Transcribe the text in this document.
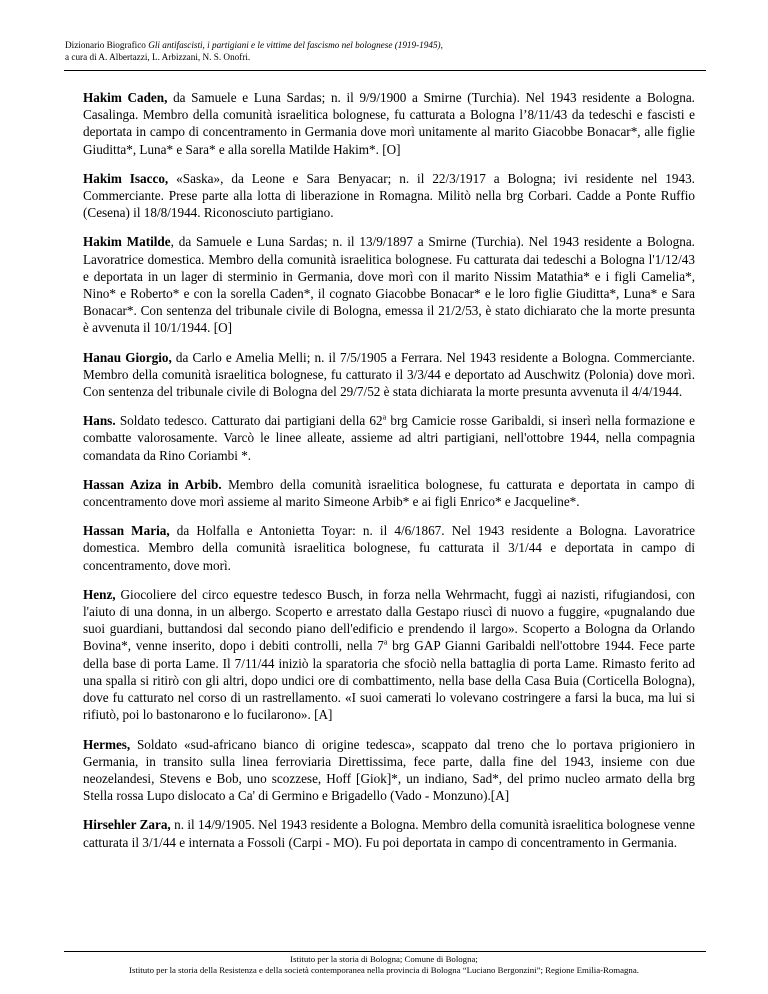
Dizionario Biografico Gli antifascisti, i partigiani e le vittime del fascismo nel bolognese (1919-1945),
a cura di A. Albertazzi, L. Arbizzani, N. S. Onofri.

Hakim Caden, da Samuele e Luna Sardas; n. il 9/9/1900 a Smirne (Turchia). Nel 1943 residente a Bologna. Casalinga. Membro della comunità israelitica bolognese, fu catturata a Bologna l’8/11/43 da tedeschi e fascisti e deportata in campo di concentramento in Germania dove morì unitamente al marito Giacobbe Bonacar*, alle figlie Giuditta*, Luna* e Sara* e alla sorella Matilde Hakim*. [O]

Hakim Isacco, «Saska», da Leone e Sara Benyacar; n. il 22/3/1917 a Bologna; ivi residente nel 1943. Commerciante. Prese parte alla lotta di liberazione in Romagna. Militò nella brg Corbari. Cadde a Ponte Ruffio (Cesena) il 18/8/1944. Riconosciuto partigiano.

Hakim Matilde, da Samuele e Luna Sardas; n. il 13/9/1897 a Smirne (Turchia). Nel 1943 residente a Bologna. Lavoratrice domestica. Membro della comunità israelitica bolognese. Fu catturata dai tedeschi a Bologna l'1/12/43 e deportata in un lager di sterminio in Germania, dove morì con il marito Nissim Matathia* e i figli Camelia*, Nino* e Roberto* e con la sorella Caden*, il cognato Giacobbe Bonacar* e le loro figlie Giuditta*, Luna* e Sara Bonacar*. Con sentenza del tribunale civile di Bologna, emessa il 21/2/53, è stato dichiarato che la morte presunta è avvenuta il 10/1/1944. [O]

Hanau Giorgio, da Carlo e Amelia Melli; n. il 7/5/1905 a Ferrara. Nel 1943 residente a Bologna. Commerciante. Membro della comunità israelitica bolognese, fu catturato il 3/3/44 e deportato ad Auschwitz (Polonia) dove morì. Con sentenza del tribunale civile di Bologna del 29/7/52 è stata dichiarata la morte presunta avvenuta il 4/4/1944.

Hans. Soldato tedesco. Catturato dai partigiani della 62$^a$ brg Camicie rosse Garibaldi, si inserì nella formazione e combatte valorosamente. Varcò le linee alleate, assieme ad altri partigiani, nell'ottobre 1944, nella compagnia comandata da Rino Coriambi *.

Hassan Aziza in Arbib. Membro della comunità israelitica bolognese, fu catturata e deportata in campo di concentramento dove morì assieme al marito Simeone Arbib* e ai figli Enrico* e Jacqueline*.

Hassan Maria, da Holfalla e Antonietta Toyar: n. il 4/6/1867. Nel 1943 residente a Bologna. Lavoratrice domestica. Membro della comunità israelitica bolognese, fu catturata il 3/1/44 e deportata in campo di concentramento, dove morì.

Henz, Giocoliere del circo equestre tedesco Busch, in forza nella Wehrmacht, fuggì ai nazisti, rifugiandosi, con l'aiuto di una donna, in un albergo. Scoperto e arrestato dalla Gestapo riuscì di nuovo a fuggire, «pugnalando due suoi guardiani, buttandosi dal secondo piano dell'edificio e prendendo il largo». Scoperto a Bologna da Orlando Bovina*, venne inserito, dopo i debiti controlli, nella 7$^a$ brg GAP Gianni Garibaldi nell'ottobre 1944. Fece parte della base di porta Lame. Il 7/11/44 iniziò la sparatoria che sfociò nella battaglia di porta Lame. Rimasto ferito ad una spalla si ritirò con gli altri, dopo undici ore di combattimento, nella base della Casa Buia (Corticella Bologna), dove fu catturato nel corso di un rastrellamento. «I suoi camerati lo volevano costringere a farsi la buca, ma lui si rifiutò, poi lo bastonarono e lo fucilarono». [A]

Hermes, Soldato «sud-africano bianco di origine tedesca», scappato dal treno che lo portava prigioniero in Germania, in transito sulla linea ferroviaria Direttissima, fece parte, dalla fine del 1943, insieme con due neozelandesi, Stevens e Bob, uno scozzese, Hoff [Giok]*, un indiano, Sad*, del primo nucleo armato della brg Stella rossa Lupo dislocato a Ca' di Germino e Brigadello (Vado - Monzuno).[A]

Hirsehler Zara, n. il 14/9/1905. Nel 1943 residente a Bologna. Membro della comunità israelitica bolognese venne catturata il 3/1/44 e internata a Fossoli (Carpi - MO). Fu poi deportata in campo di concentramento in Germania.

Istituto per la storia di Bologna; Comune di Bologna;
Istituto per la storia della Resistenza e della società contemporanea nella provincia di Bologna “Luciano Bergonzini”; Regione Emilia-Romagna.
